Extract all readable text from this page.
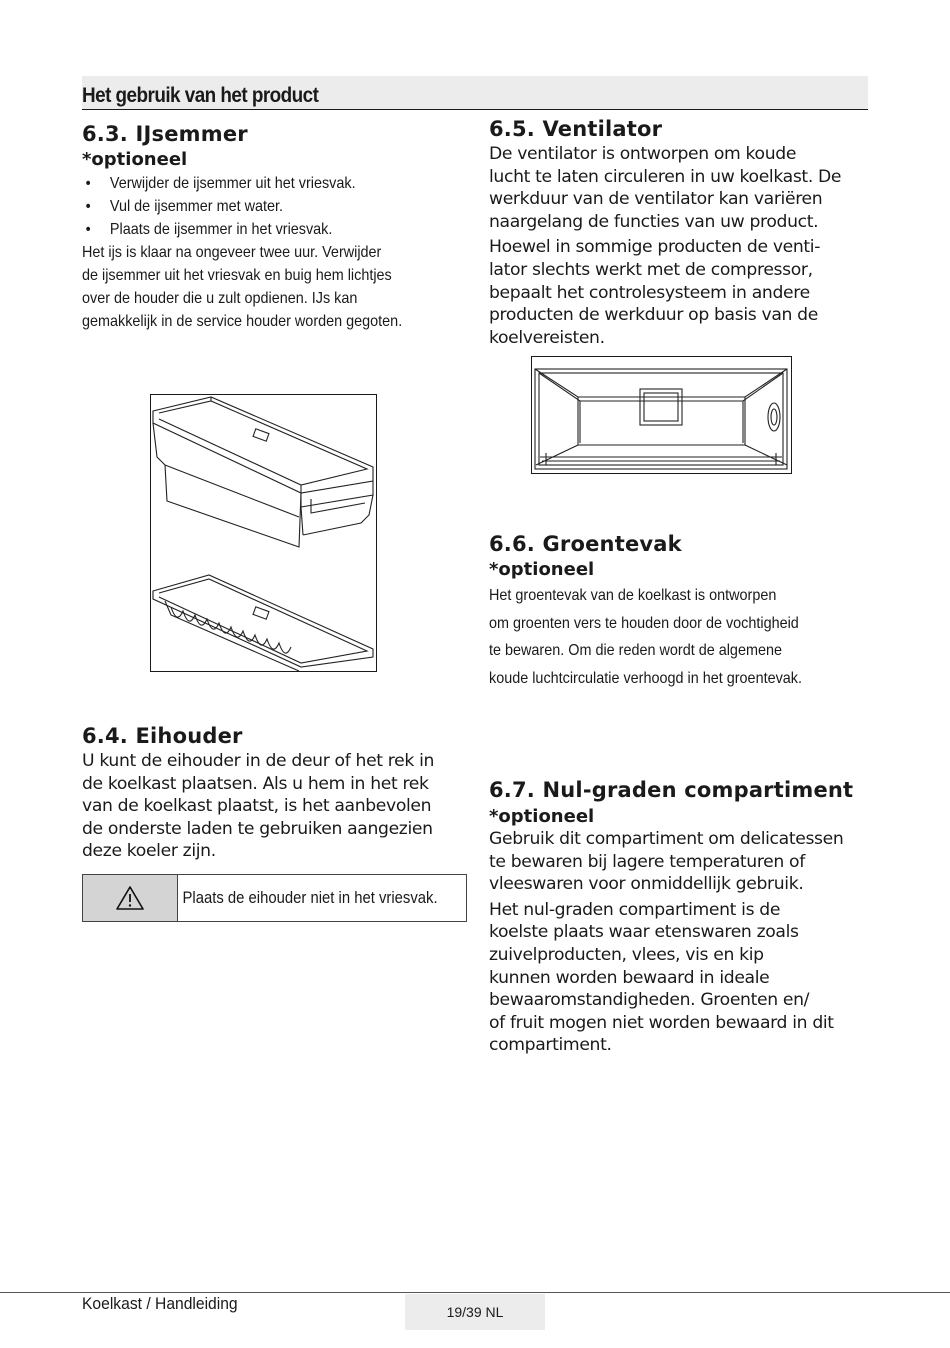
Het gebruik van het product
6.3. IJsemmer

*optioneel

• Verwijder de ijsemmer uit het vriesvak.
• Vul de ijsemmer met water.
• Plaats de ijsemmer in het vriesvak.
Het ijs is klaar na ongeveer twee uur. Verwijder
de ijsemmer uit het vriesvak en buig hem lichtjes
over de houder die u zult opdienen. IJs kan
gemakkelijk in de service houder worden gegoten.
6.4. Eihouder
U kunt de eihouder in de deur of het rek in
de koelkast plaatsen. Als u hem in het rek
van de koelkast plaatst, is het aanbevolen
de onderste laden te gebruiken aangezien
deze koeler zijn.
Plaats de eihouder niet in het vriesvak.
6.5. Ventilator
De ventilator is ontworpen om koude
lucht te laten circuleren in uw koelkast. De
werkduur van de ventilator kan variëren
naargelang de functies van uw product.
Hoewel in sommige producten de venti-
lator slechts werkt met de compressor,
bepaalt het controlesysteem in andere
producten de werkduur op basis van de
koelvereisten.
6.6. Groentevak

*optioneel

Het groentevak van de koelkast is ontworpen
om groenten vers te houden door de vochtigheid
te bewaren. Om die reden wordt de algemene
koude luchtcirculatie verhoogd in het groentevak.
6.7. Nul-graden compartiment

*optioneel

Gebruik dit compartiment om delicatessen
te bewaren bij lagere temperaturen of
vleeswaren voor onmiddellijk gebruik.
Het nul-graden compartiment is de
koelste plaats waar etenswaren zoals
zuivelproducten, vlees, vis en kip
kunnen worden bewaard in ideale
bewaaromstandigheden. Groenten en/
of fruit mogen niet worden bewaard in dit
compartiment.
Koelkast / Handleiding	19/39 NL
